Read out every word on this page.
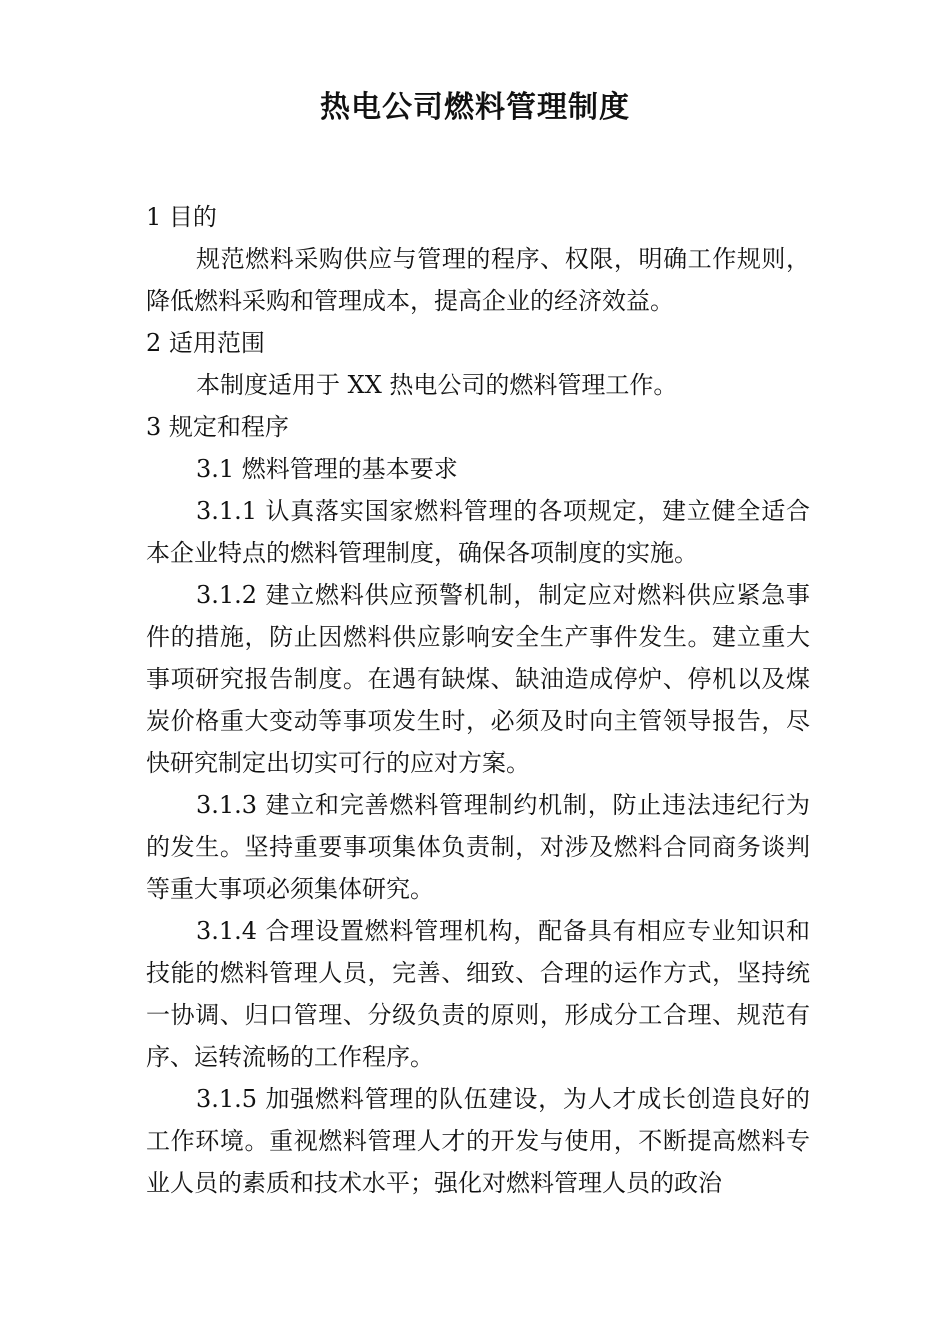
热电公司燃料管理制度
1 目的

规范燃料采购供应与管理的程序、权限，明确工作规则，降低燃料采购和管理成本，提高企业的经济效益。

2 适用范围

本制度适用于 XX 热电公司的燃料管理工作。

3 规定和程序

3.1 燃料管理的基本要求

3.1.1 认真落实国家燃料管理的各项规定，建立健全适合本企业特点的燃料管理制度，确保各项制度的实施。

3.1.2 建立燃料供应预警机制，制定应对燃料供应紧急事件的措施，防止因燃料供应影响安全生产事件发生。建立重大事项研究报告制度。在遇有缺煤、缺油造成停炉、停机以及煤炭价格重大变动等事项发生时，必须及时向主管领导报告，尽快研究制定出切实可行的应对方案。

3.1.3 建立和完善燃料管理制约机制，防止违法违纪行为的发生。坚持重要事项集体负责制，对涉及燃料合同商务谈判等重大事项必须集体研究。

3.1.4 合理设置燃料管理机构，配备具有相应专业知识和技能的燃料管理人员，完善、细致、合理的运作方式，坚持统一协调、归口管理、分级负责的原则，形成分工合理、规范有序、运转流畅的工作程序。

3.1.5 加强燃料管理的队伍建设，为人才成长创造良好的工作环境。重视燃料管理人才的开发与使用，不断提高燃料专业人员的素质和技术水平；强化对燃料管理人员的政治
